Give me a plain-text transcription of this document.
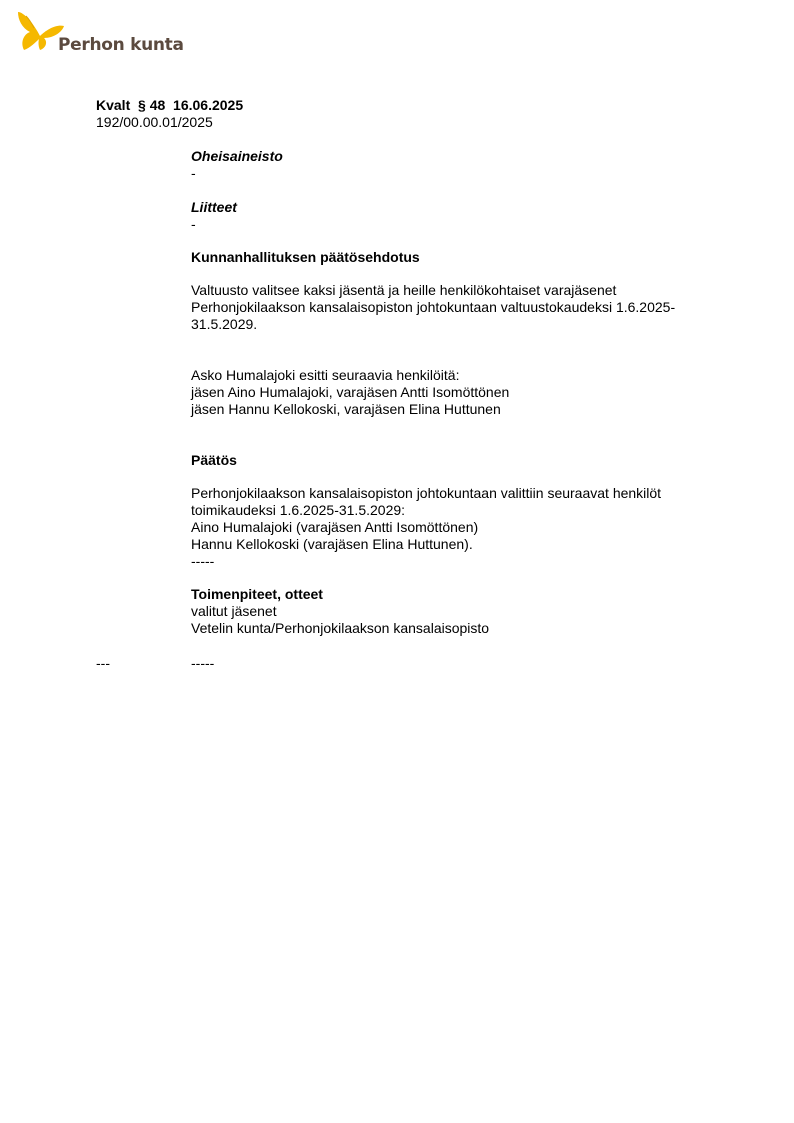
Perhon kunta
Kvalt  § 48  16.06.2025
192/00.00.01/2025
Oheisaineisto
-
Liitteet
-
Kunnanhallituksen päätösehdotus
Valtuusto valitsee kaksi jäsentä ja heille henkilökohtaiset varajäsenet
Perhonjokilaakson kansalaisopiston johtokuntaan valtuustokaudeksi 1.6.2025-
31.5.2029.
Asko Humalajoki esitti seuraavia henkilöitä:
jäsen Aino Humalajoki, varajäsen Antti Isomöttönen
jäsen Hannu Kellokoski, varajäsen Elina Huttunen
Päätös
Perhonjokilaakson kansalaisopiston johtokuntaan valittiin seuraavat henkilöt
toimikaudeksi 1.6.2025-31.5.2029:
Aino Humalajoki (varajäsen Antti Isomöttönen)
Hannu Kellokoski (varajäsen Elina Huttunen).
-----
Toimenpiteet, otteet
valitut jäsenet
Vetelin kunta/Perhonjokilaakson kansalaisopisto
---	-----
